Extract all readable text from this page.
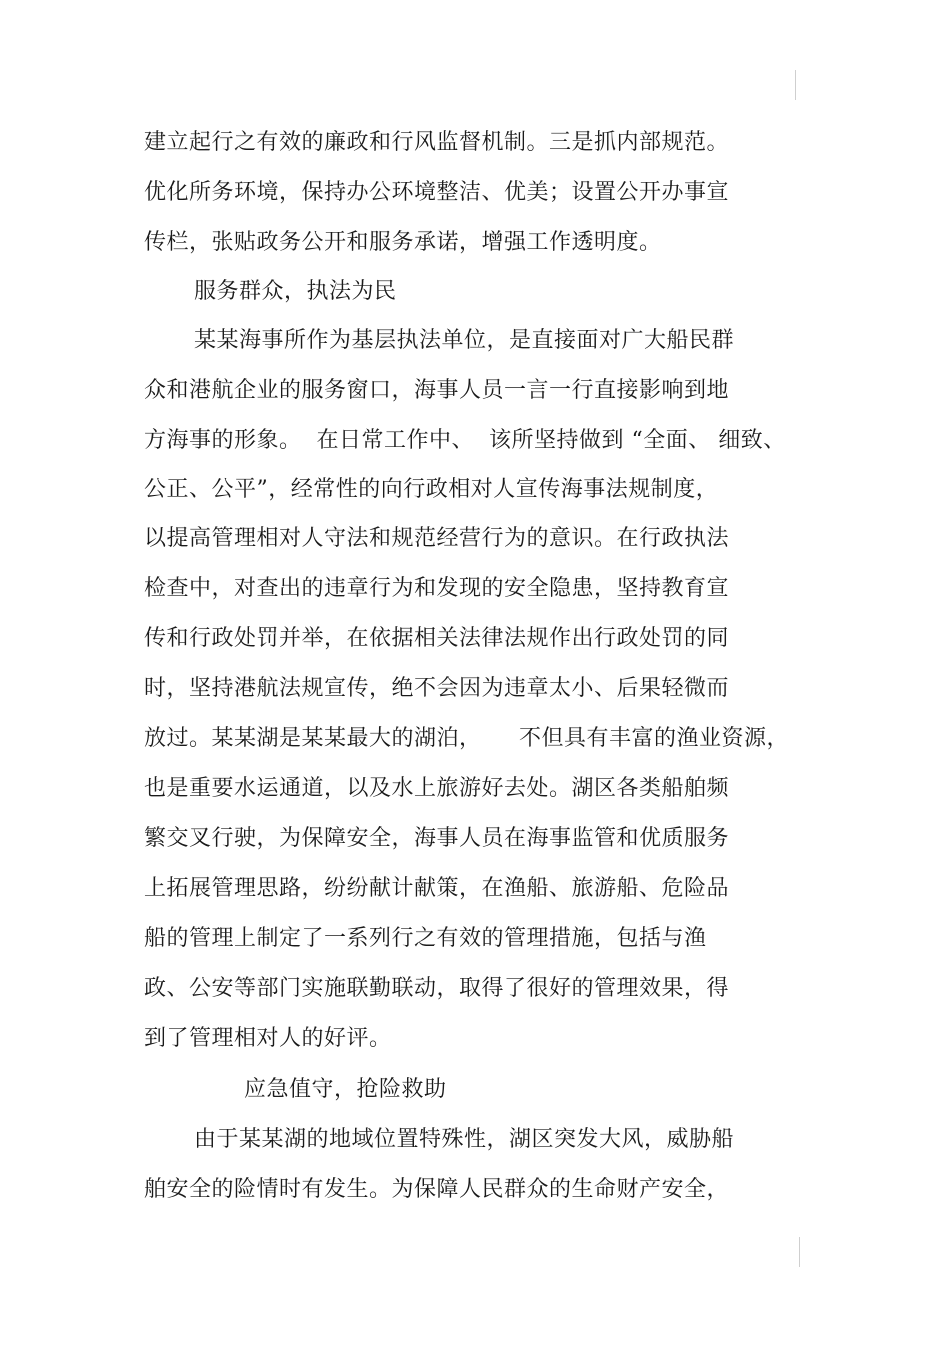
建立起行之有效的廉政和行风监督机制。三是抓内部规范。
优化所务环境，保持办公环境整洁、优美；设置公开办事宣
传栏，张贴政务公开和服务承诺，增强工作透明度。
服务群众，执法为民
某某海事所作为基层执法单位，是直接面对广大船民群
众和港航企业的服务窗口，海事人员一言一行直接影响到地
方海事的形象。  在日常工作中、  该所坚持做到 “全面、 细致、
公正、公平”，经常性的向行政相对人宣传海事法规制度，
以提高管理相对人守法和规范经营行为的意识。在行政执法
检查中，对查出的违章行为和发现的安全隐患，坚持教育宣
传和行政处罚并举，在依据相关法律法规作出行政处罚的同
时，坚持港航法规宣传，绝不会因为违章太小、后果轻微而
放过。某某湖是某某最大的湖泊，     不但具有丰富的渔业资源，
也是重要水运通道，以及水上旅游好去处。湖区各类船舶频
繁交叉行驶，为保障安全，海事人员在海事监管和优质服务
上拓展管理思路，纷纷献计献策，在渔船、旅游船、危险品
船的管理上制定了一系列行之有效的管理措施，包括与渔
政、公安等部门实施联勤联动，取得了很好的管理效果，得
到了管理相对人的好评。
应急值守，抢险救助
由于某某湖的地域位置特殊性，湖区突发大风，威胁船
舶安全的险情时有发生。为保障人民群众的生命财产安全，
